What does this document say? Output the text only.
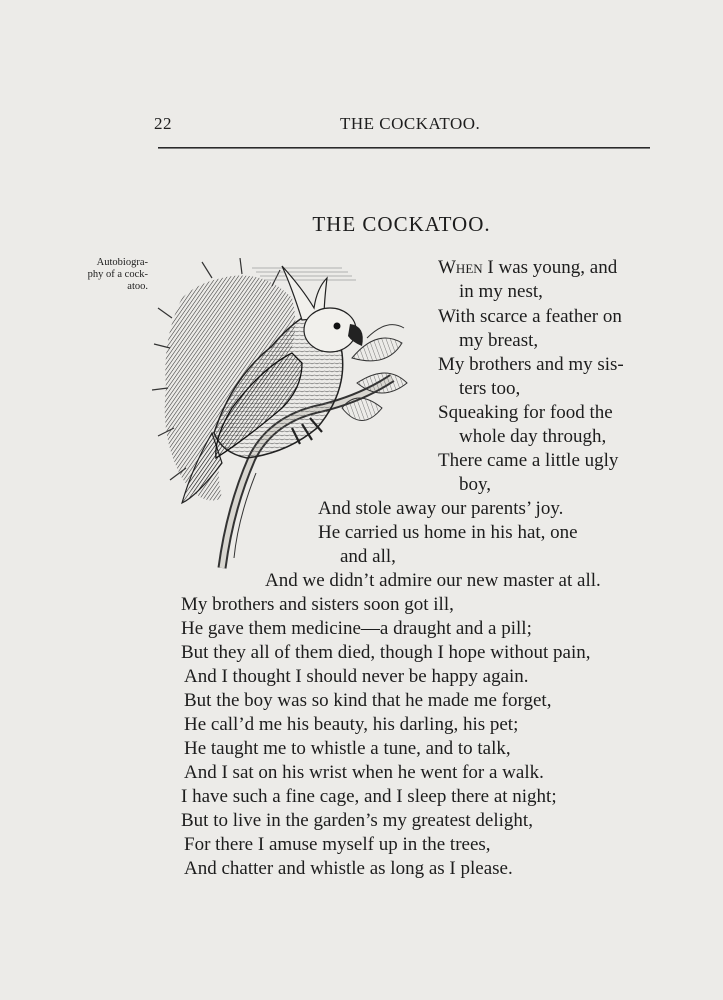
22	THE COCKATOO.
THE COCKATOO.
Autobiogra-
phy of a cock-
atoo.
When I was young, and
in my nest,
With scarce a feather on
my breast,
My brothers and my sis-
ters too,
Squeaking for food the
whole day through,
There came a little ugly
boy,
And stole away our parents’ joy.
He carried us home in his hat, one
and all,
And we didn’t admire our new master at all.
My brothers and sisters soon got ill,
He gave them medicine—a draught and a pill;
But they all of them died, though I hope without pain,
And I thought I should never be happy again.
But the boy was so kind that he made me forget,
He call’d me his beauty, his darling, his pet;
He taught me to whistle a tune, and to talk,
And I sat on his wrist when he went for a walk.
I have such a fine cage, and I sleep there at night;
But to live in the garden’s my greatest delight,
For there I amuse myself up in the trees,
And chatter and whistle as long as I please.
